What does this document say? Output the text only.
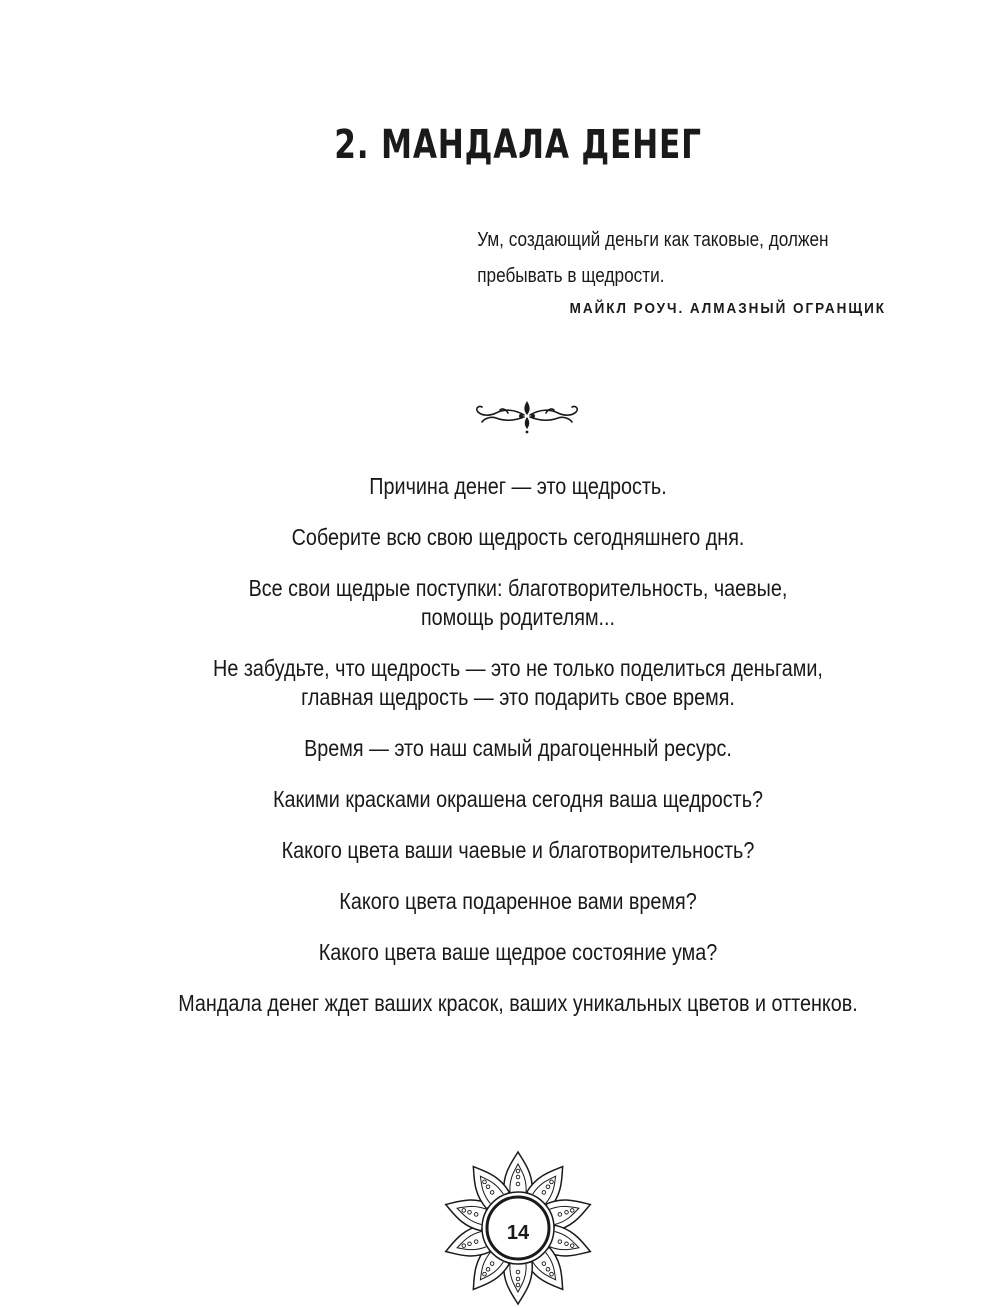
2. МАНДАЛА ДЕНЕГ
Ум, создающий деньги как таковые, должен
пребывать в щедрости.
МАЙКЛ РОУЧ. АЛМАЗНЫЙ ОГРАНЩИК
Причина денег — это щедрость.
Соберите всю свою щедрость сегодняшнего дня.
Все свои щедрые поступки: благотворительность, чаевые,
помощь родителям...
Не забудьте, что щедрость — это не только поделиться деньгами,
главная щедрость — это подарить свое время.
Время — это наш самый драгоценный ресурс.
Какими красками окрашена сегодня ваша щедрость?
Какого цвета ваши чаевые и благотворительность?
Какого цвета подаренное вами время?
Какого цвета ваше щедрое состояние ума?
Мандала денег ждет ваших красок, ваших уникальных цветов и оттенков.
14
